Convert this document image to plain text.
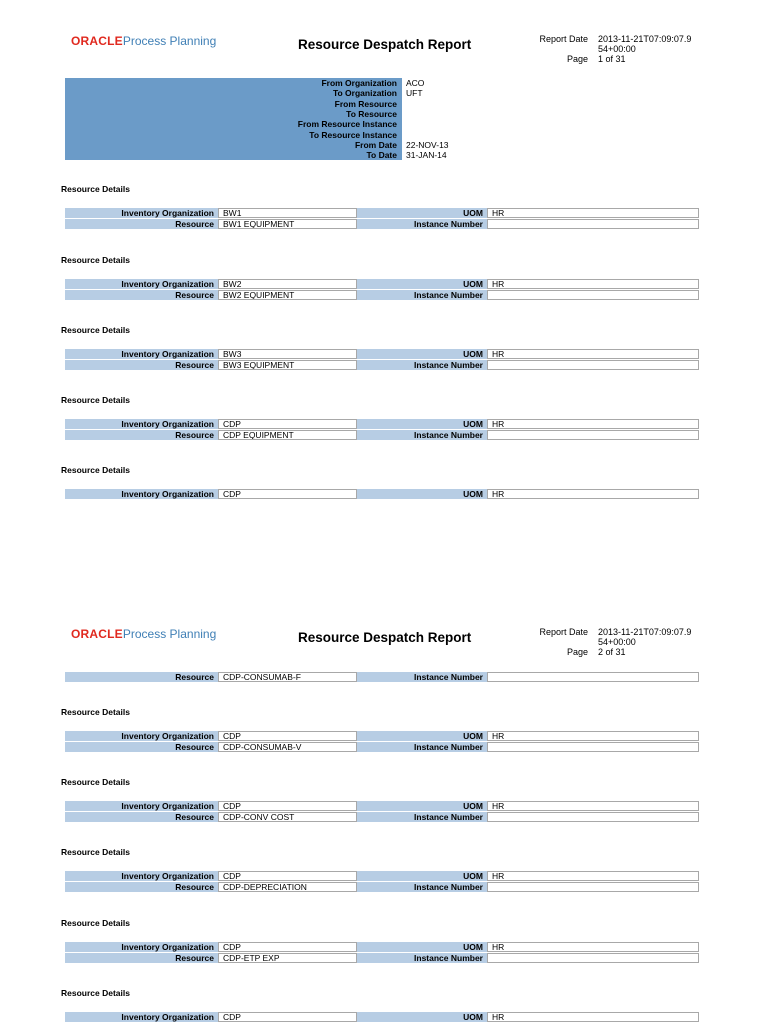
ORACLEProcess Planning	Resource Despatch Report	Report Date 2013-11-21T07:09:07.9
54+00:00
Page 1 of 31
From Organization ACO
To Organization UFT
From Resource
To Resource
From Resource Instance
To Resource Instance
From Date 22-NOV-13
To Date 31-JAN-14
Resource Details
Inventory Organization	BW1	UOM	HR
Resource	BW1 EQUIPMENT	Instance Number
Resource Details
Inventory Organization	BW2	UOM	HR
Resource	BW2 EQUIPMENT	Instance Number
Resource Details
Inventory Organization	BW3	UOM	HR
Resource	BW3 EQUIPMENT	Instance Number
Resource Details
Inventory Organization	CDP	UOM	HR
Resource	CDP EQUIPMENT	Instance Number
Resource Details
Inventory Organization	CDP	UOM	HR
ORACLEProcess Planning	Resource Despatch Report	Report Date 2013-11-21T07:09:07.9
54+00:00
Page 2 of 31
Resource	CDP-CONSUMAB-F	Instance Number
Resource Details
Inventory Organization	CDP	UOM	HR
Resource	CDP-CONSUMAB-V	Instance Number
Resource Details
Inventory Organization	CDP	UOM	HR
Resource	CDP-CONV COST	Instance Number
Resource Details
Inventory Organization	CDP	UOM	HR
Resource	CDP-DEPRECIATION	Instance Number
Resource Details
Inventory Organization	CDP	UOM	HR
Resource	CDP-ETP EXP	Instance Number
Resource Details
Inventory Organization	CDP	UOM	HR
